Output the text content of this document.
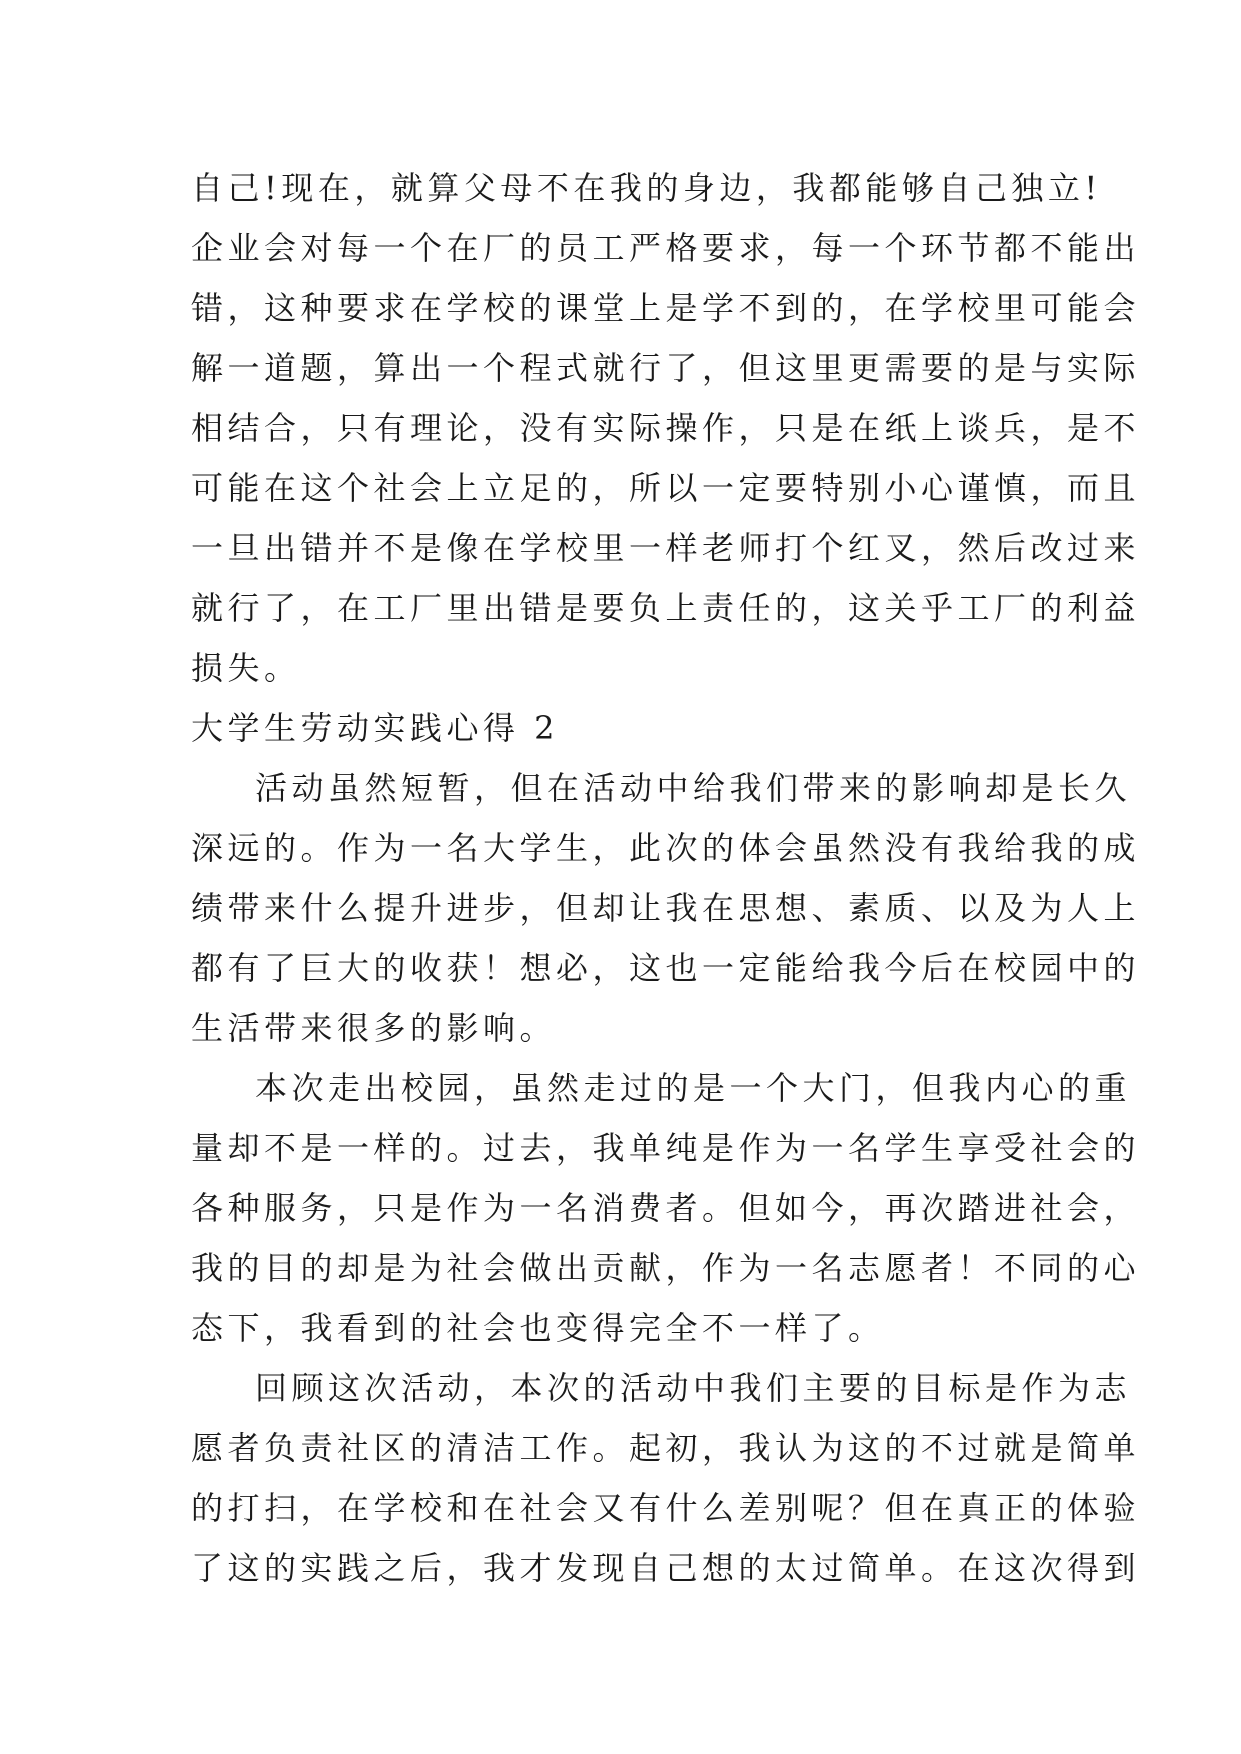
自己!现在，就算父母不在我的身边，我都能够自己独立!
企业会对每一个在厂的员工严格要求，每一个环节都不能出
错，这种要求在学校的课堂上是学不到的，在学校里可能会
解一道题，算出一个程式就行了，但这里更需要的是与实际
相结合，只有理论，没有实际操作，只是在纸上谈兵，是不
可能在这个社会上立足的，所以一定要特别小心谨慎，而且
一旦出错并不是像在学校里一样老师打个红叉，然后改过来
就行了，在工厂里出错是要负上责任的，这关乎工厂的利益
损失。
大学生劳动实践心得 2
活动虽然短暂，但在活动中给我们带来的影响却是长久
深远的。作为一名大学生，此次的体会虽然没有我给我的成
绩带来什么提升进步，但却让我在思想、素质、以及为人上
都有了巨大的收获！想必，这也一定能给我今后在校园中的
生活带来很多的影响。
本次走出校园，虽然走过的是一个大门，但我内心的重
量却不是一样的。过去，我单纯是作为一名学生享受社会的
各种服务，只是作为一名消费者。但如今，再次踏进社会，
我的目的却是为社会做出贡献，作为一名志愿者！不同的心
态下，我看到的社会也变得完全不一样了。
回顾这次活动，本次的活动中我们主要的目标是作为志
愿者负责社区的清洁工作。起初，我认为这的不过就是简单
的打扫，在学校和在社会又有什么差别呢？但在真正的体验
了这的实践之后，我才发现自己想的太过简单。在这次得到
